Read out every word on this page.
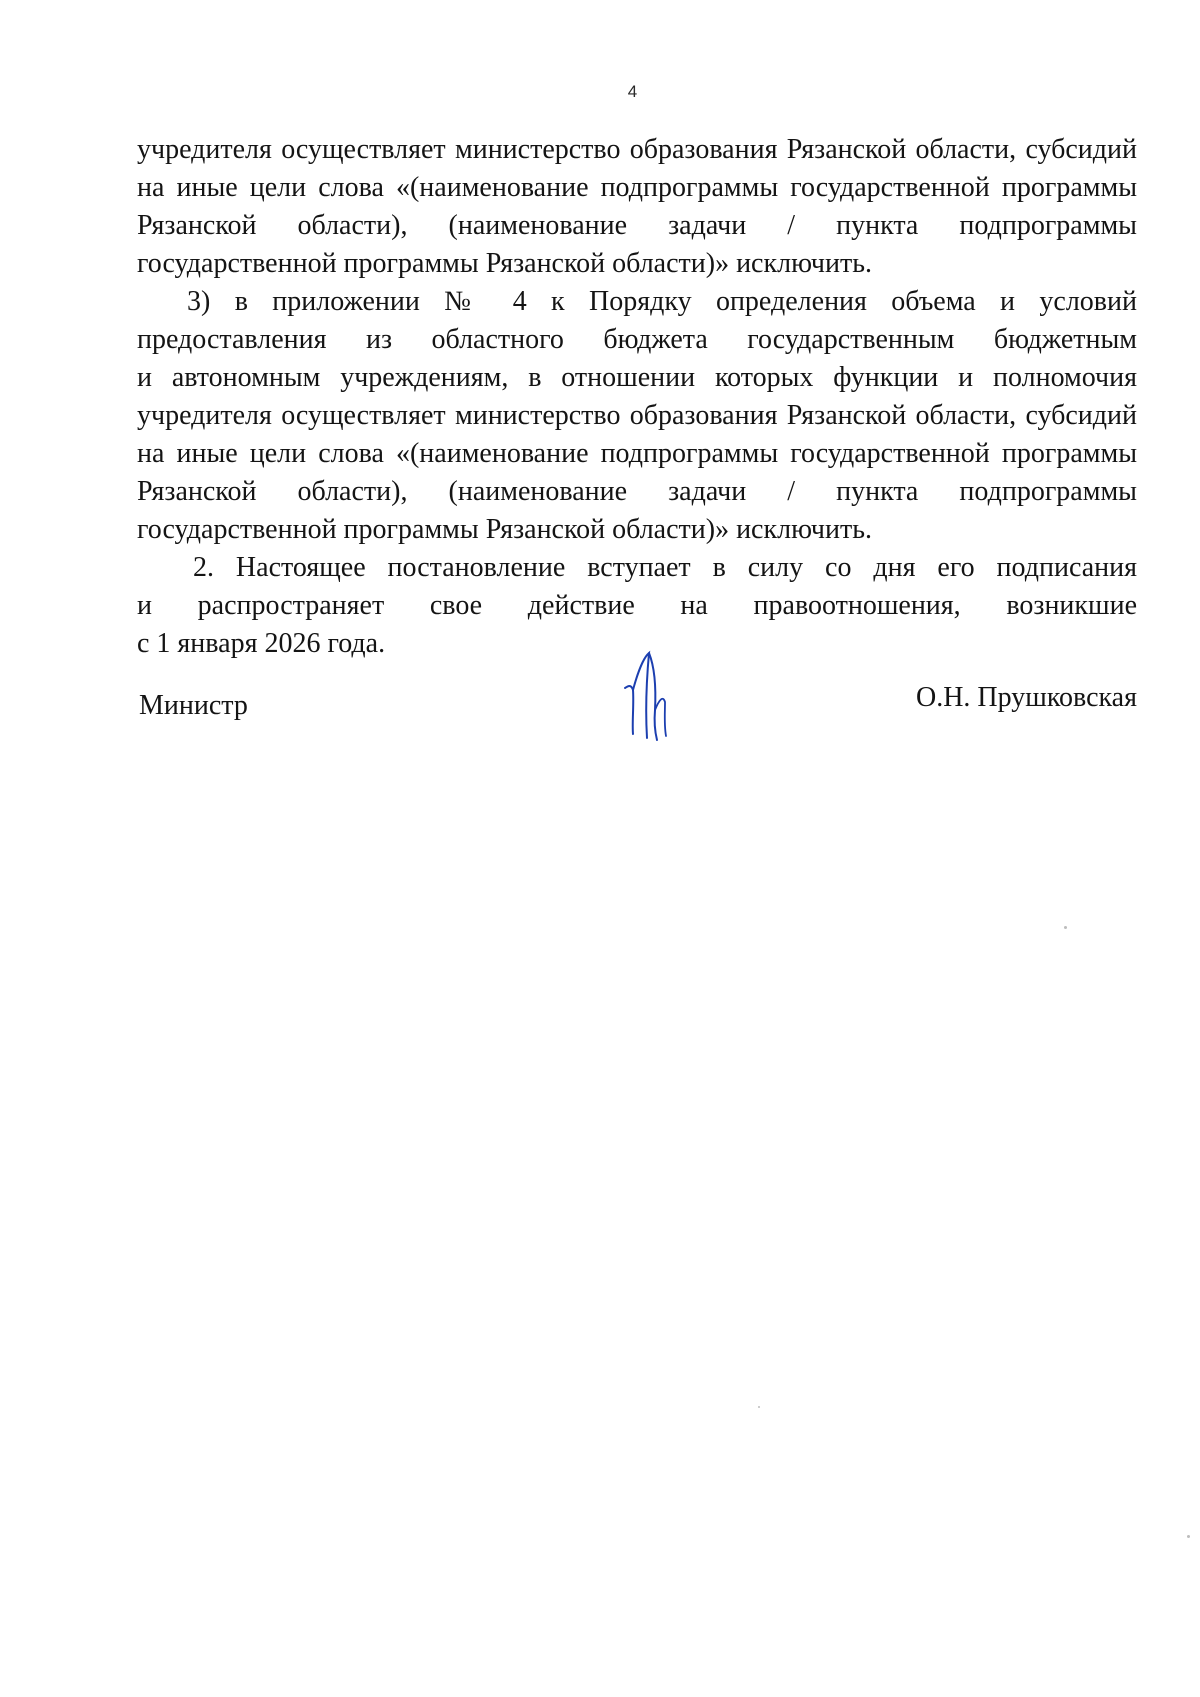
4
учредителя осуществляет министерство образования Рязанской области, субсидий
на иные цели слова «(наименование подпрограммы государственной программы
Рязанской области), (наименование задачи / пункта подпрограммы
государственной программы Рязанской области)» исключить.
3) в приложении № 4 к Порядку определения объема и условий
предоставления из областного бюджета государственным бюджетным
и автономным учреждениям, в отношении которых функции и полномочия
учредителя осуществляет министерство образования Рязанской области, субсидий
на иные цели слова «(наименование подпрограммы государственной программы
Рязанской области), (наименование задачи / пункта подпрограммы
государственной программы Рязанской области)» исключить.
2. Настоящее постановление вступает в силу со дня его подписания
и распространяет свое действие на правоотношения, возникшие
с 1 января 2026 года.
Министр	О.Н. Прушковская
